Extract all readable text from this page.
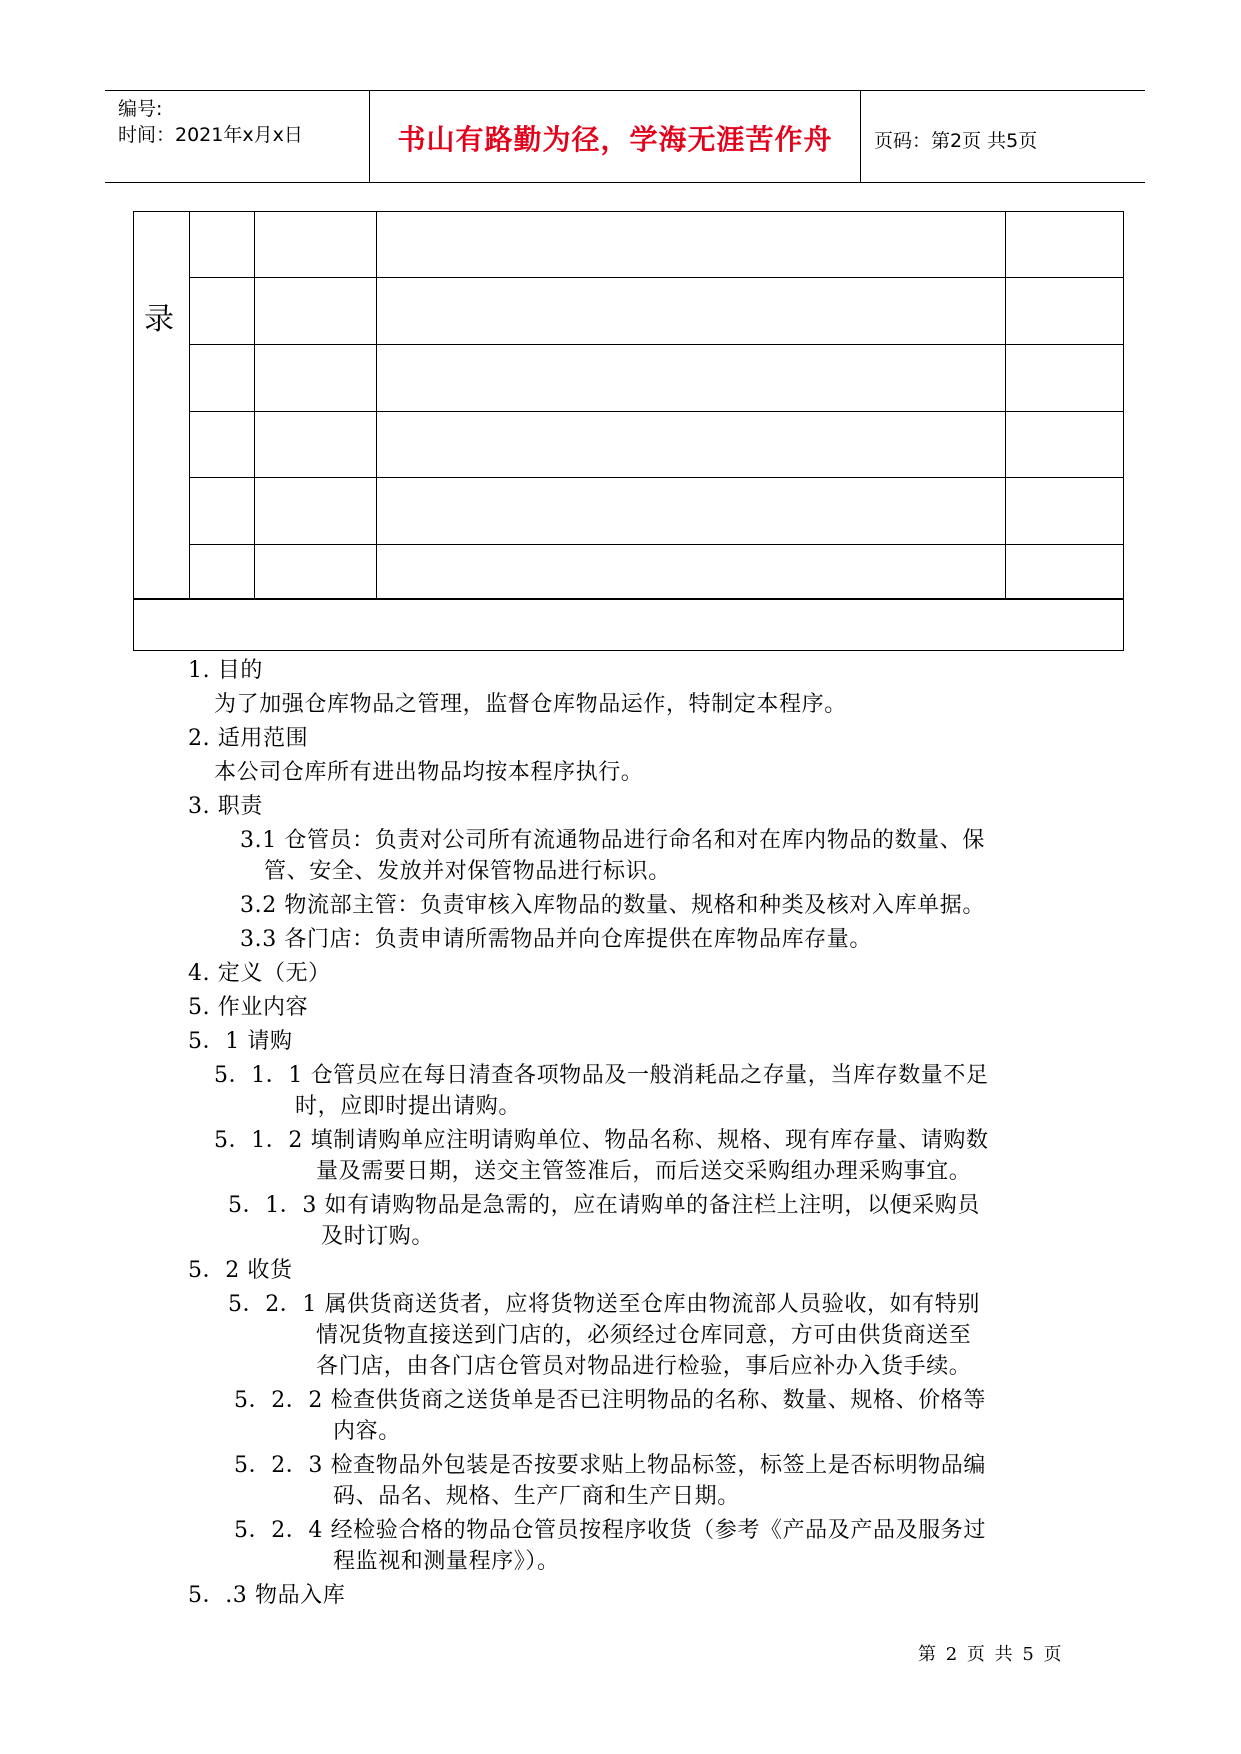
编号:
时间：2021年x月x日	书山有路勤为径，学海无涯苦作舟	页码：第2页 共5页
录
1. 目的
为了加强仓库物品之管理，监督仓库物品运作，特制定本程序。
2. 适用范围
本公司仓库所有进出物品均按本程序执行。
3. 职责
3.1 仓管员：负责对公司所有流通物品进行命名和对在库内物品的数量、保
管、安全、发放并对保管物品进行标识。
3.2 物流部主管：负责审核入库物品的数量、规格和种类及核对入库单据。
3.3 各门店：负责申请所需物品并向仓库提供在库物品库存量。
4. 定义（无）
5. 作业内容
5．1 请购
5．1．1 仓管员应在每日清查各项物品及一般消耗品之存量，当库存数量不足
时，应即时提出请购。
5．1．2 填制请购单应注明请购单位、物品名称、规格、现有库存量、请购数
量及需要日期，送交主管签准后，而后送交采购组办理采购事宜。
5．1．3 如有请购物品是急需的，应在请购单的备注栏上注明，以便采购员
及时订购。
5．2 收货
5．2．1 属供货商送货者，应将货物送至仓库由物流部人员验收，如有特别
情况货物直接送到门店的，必须经过仓库同意，方可由供货商送至
各门店，由各门店仓管员对物品进行检验，事后应补办入货手续。
5．2．2 检查供货商之送货单是否已注明物品的名称、数量、规格、价格等
内容。
5．2．3 检查物品外包装是否按要求贴上物品标签，标签上是否标明物品编
码、品名、规格、生产厂商和生产日期。
5．2．4 经检验合格的物品仓管员按程序收货（参考《产品及产品及服务过
程监视和测量程序》）。
5．.3 物品入库
第 2 页 共 5 页
